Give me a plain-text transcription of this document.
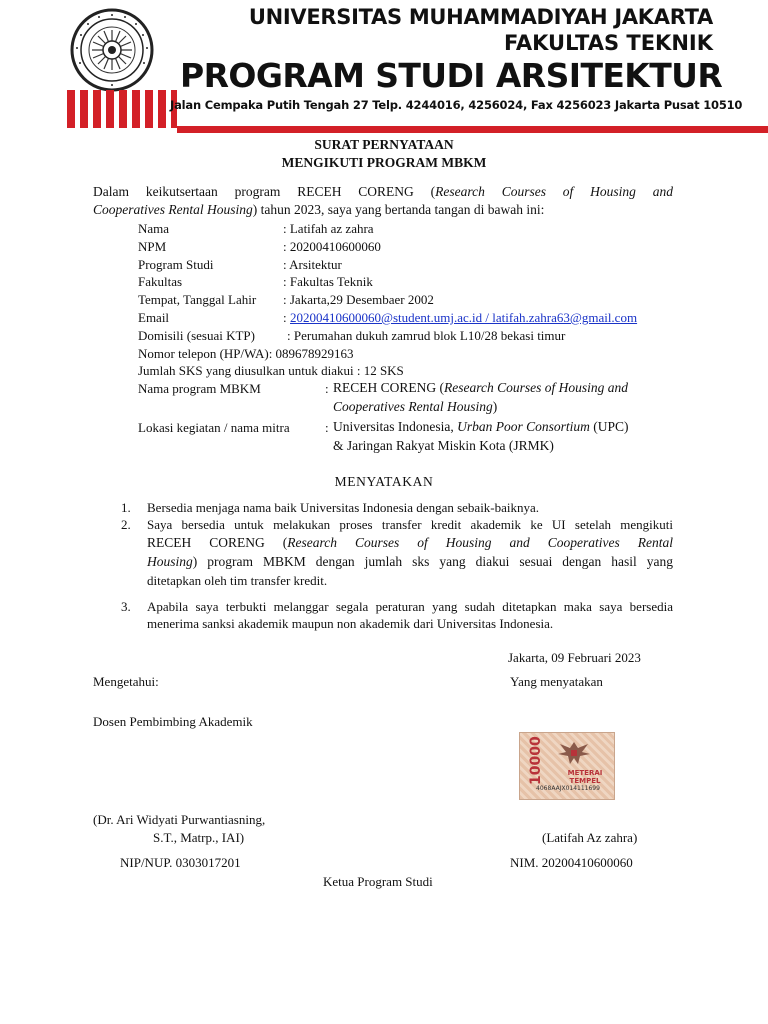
UNIVERSITAS MUHAMMADIYAH JAKARTA
FAKULTAS TEKNIK
PROGRAM STUDI ARSITEKTUR
Jalan Cempaka Putih Tengah 27 Telp. 4244016, 4256024, Fax 4256023 Jakarta Pusat 10510
SURAT PERNYATAAN
MENGIKUTI PROGRAM MBKM
Dalam keikutsertaan program RECEH CORENG (Research Courses of Housing and
Cooperatives Rental Housing) tahun 2023, saya yang bertanda tangan di bawah ini:
Nama	: Latifah az zahra
NPM	: 20200410600060
Program Studi	: Arsitektur
Fakultas	: Fakultas Teknik
Tempat, Tanggal Lahir : Jakarta,29 Desembaer 2002
Email	: 20200410600060@student.umj.ac.id / latifah.zahra63@gmail.com
Domisili (sesuai KTP) : Perumahan dukuh zamrud blok L10/28 bekasi timur
Nomor telepon (HP/WA): 089678929163
Jumlah SKS yang diusulkan untuk diakui : 12 SKS
Nama program MBKM	: RECEH CORENG (Research Courses of Housing and
Cooperatives Rental Housing)
Lokasi kegiatan / nama mitra	: Universitas Indonesia, Urban Poor Consortium (UPC)
& Jaringan Rakyat Miskin Kota (JRMK)
MENYATAKAN
1. Bersedia menjaga nama baik Universitas Indonesia dengan sebaik-baiknya.
2. Saya bersedia untuk melakukan proses transfer kredit akademik ke UI setelah mengikuti
RECEH CORENG (Research Courses of Housing and Cooperatives Rental
Housing) program MBKM dengan jumlah sks yang diakui sesuai dengan hasil yang
ditetapkan oleh tim transfer kredit.
3. Apabila saya terbukti melanggar segala peraturan yang sudah ditetapkan maka saya bersedia
menerima sanksi akademik maupun non akademik dari Universitas Indonesia.
Jakarta, 09 Februari 2023
Mengetahui:	Yang menyatakan
Dosen Pembimbing Akademik
10000	METERAI TEMPEL
4068AAJX014111699
(Dr. Ari Widyati Purwantiasning,
S.T., Matrp., IAI)	(Latifah Az zahra)
NIP/NUP. 0303017201	NIM. 20200410600060
Ketua Program Studi
